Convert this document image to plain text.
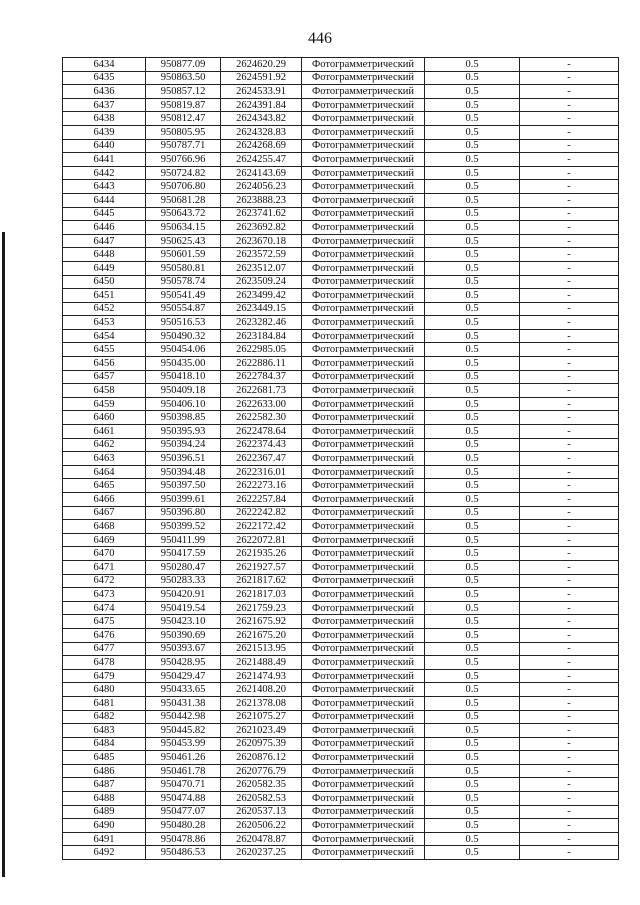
446
6434	950877.09	2624620.29	Фотограмметрический	0.5	-
6435	950863.50	2624591.92	Фотограмметрический	0.5	-
6436	950857.12	2624533.91	Фотограмметрический	0.5	-
6437	950819.87	2624391.84	Фотограмметрический	0.5	-
6438	950812.47	2624343.82	Фотограмметрический	0.5	-
6439	950805.95	2624328.83	Фотограмметрический	0.5	-
6440	950787.71	2624268.69	Фотограмметрический	0.5	-
6441	950766.96	2624255.47	Фотограмметрический	0.5	-
6442	950724.82	2624143.69	Фотограмметрический	0.5	-
6443	950706.80	2624056.23	Фотограмметрический	0.5	-
6444	950681.28	2623888.23	Фотограмметрический	0.5	-
6445	950643.72	2623741.62	Фотограмметрический	0.5	-
6446	950634.15	2623692.82	Фотограмметрический	0.5	-
6447	950625.43	2623670.18	Фотограмметрический	0.5	-
6448	950601.59	2623572.59	Фотограмметрический	0.5	-
6449	950580.81	2623512.07	Фотограмметрический	0.5	-
6450	950578.74	2623509.24	Фотограмметрический	0.5	-
6451	950541.49	2623499.42	Фотограмметрический	0.5	-
6452	950554.87	2623449.15	Фотограмметрический	0.5	-
6453	950516.53	2623282.46	Фотограмметрический	0.5	-
6454	950490.32	2623184.84	Фотограмметрический	0.5	-
6455	950454.06	2622985.05	Фотограмметрический	0.5	-
6456	950435.00	2622886.11	Фотограмметрический	0.5	-
6457	950418.10	2622784.37	Фотограмметрический	0.5	-
6458	950409.18	2622681.73	Фотограмметрический	0.5	-
6459	950406.10	2622633.00	Фотограмметрический	0.5	-
6460	950398.85	2622582.30	Фотограмметрический	0.5	-
6461	950395.93	2622478.64	Фотограмметрический	0.5	-
6462	950394.24	2622374.43	Фотограмметрический	0.5	-
6463	950396.51	2622367.47	Фотограмметрический	0.5	-
6464	950394.48	2622316.01	Фотограмметрический	0.5	-
6465	950397.50	2622273.16	Фотограмметрический	0.5	-
6466	950399.61	2622257.84	Фотограмметрический	0.5	-
6467	950396.80	2622242.82	Фотограмметрический	0.5	-
6468	950399.52	2622172.42	Фотограмметрический	0.5	-
6469	950411.99	2622072.81	Фотограмметрический	0.5	-
6470	950417.59	2621935.26	Фотограмметрический	0.5	-
6471	950280.47	2621927.57	Фотограмметрический	0.5	-
6472	950283.33	2621817.62	Фотограмметрический	0.5	-
6473	950420.91	2621817.03	Фотограмметрический	0.5	-
6474	950419.54	2621759.23	Фотограмметрический	0.5	-
6475	950423.10	2621675.92	Фотограмметрический	0.5	-
6476	950390.69	2621675.20	Фотограмметрический	0.5	-
6477	950393.67	2621513.95	Фотограмметрический	0.5	-
6478	950428.95	2621488.49	Фотограмметрический	0.5	-
6479	950429.47	2621474.93	Фотограмметрический	0.5	-
6480	950433.65	2621408.20	Фотограмметрический	0.5	-
6481	950431.38	2621378.08	Фотограмметрический	0.5	-
6482	950442.98	2621075.27	Фотограмметрический	0.5	-
6483	950445.82	2621023.49	Фотограмметрический	0.5	-
6484	950453.99	2620975.39	Фотограмметрический	0.5	-
6485	950461.26	2620876.12	Фотограмметрический	0.5	-
6486	950461.78	2620776.79	Фотограмметрический	0.5	-
6487	950470.71	2620582.35	Фотограмметрический	0.5	-
6488	950474.88	2620582.53	Фотограмметрический	0.5	-
6489	950477.07	2620537.13	Фотограмметрический	0.5	-
6490	950480.28	2620506.22	Фотограмметрический	0.5	-
6491	950478.86	2620478.87	Фотограмметрический	0.5	-
6492	950486.53	2620237.25	Фотограмметрический	0.5	-
